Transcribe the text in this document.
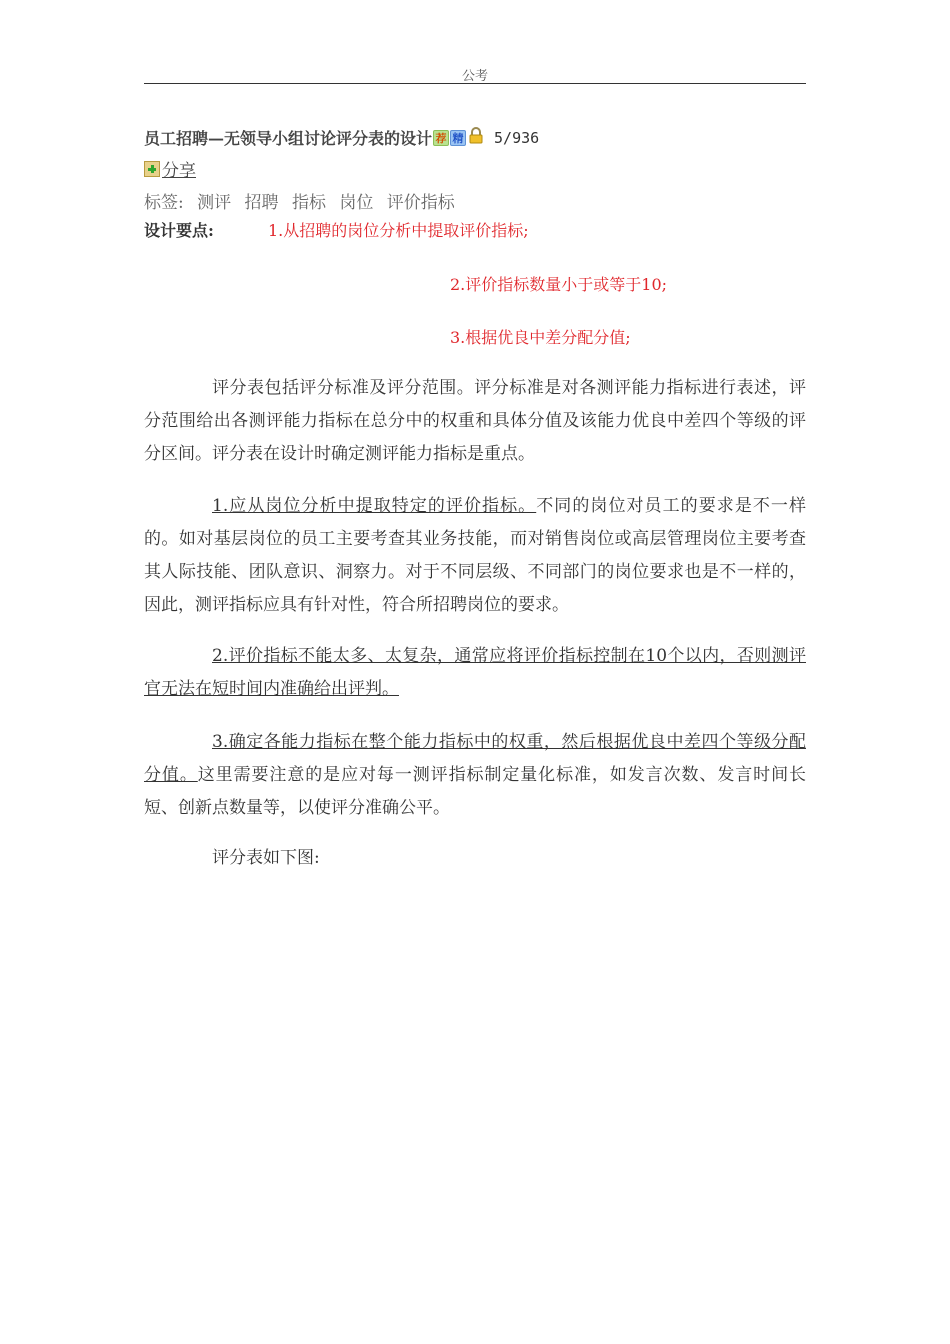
公考
员工招聘—无领导小组讨论评分表的设计 荐 精 5/936
分享
标签: 测评 招聘 指标 岗位 评价指标
设计要点:	1.从招聘的岗位分析中提取评价指标;
2.评价指标数量小于或等于10;
3.根据优良中差分配分值;

评分表包括评分标准及评分范围。评分标准是对各测评能力指标进行表述，评分范围给出各测评能力指标在总分中的权重和具体分值及该能力优良中差四个等级的评分区间。评分表在设计时确定测评能力指标是重点。

1.应从岗位分析中提取特定的评价指标。不同的岗位对员工的要求是不一样的。如对基层岗位的员工主要考查其业务技能，而对销售岗位或高层管理岗位主要考查其人际技能、团队意识、洞察力。对于不同层级、不同部门的岗位要求也是不一样的，因此，测评指标应具有针对性，符合所招聘岗位的要求。

2.评价指标不能太多、太复杂，通常应将评价指标控制在10个以内，否则测评官无法在短时间内准确给出评判。

3.确定各能力指标在整个能力指标中的权重，然后根据优良中差四个等级分配分值。这里需要注意的是应对每一测评指标制定量化标准，如发言次数、发言时间长短、创新点数量等，以使评分准确公平。

评分表如下图:
